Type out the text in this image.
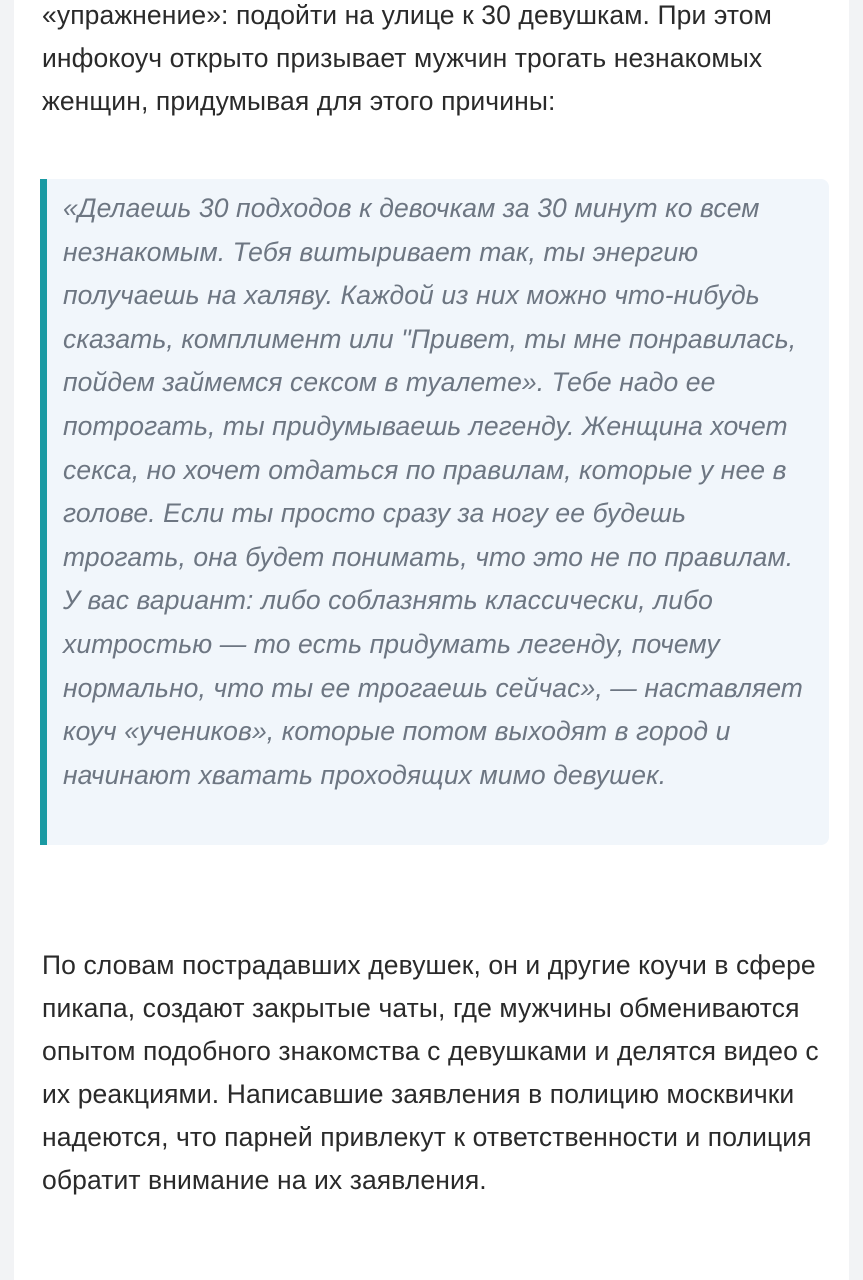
«упражнение»: подойти на улице к 30 девушкам. При этом инфокоуч открыто призывает мужчин трогать незнакомых женщин, придумывая для этого причины:

«Делаешь 30 подходов к девочкам за 30 минут ко всем незнакомым. Тебя вштыривает так, ты энергию получаешь на халяву. Каждой из них можно что-нибудь сказать, комплимент или "Привет, ты мне понравилась, пойдем займемся сексом в туалете». Тебе надо ее потрогать, ты придумываешь легенду. Женщина хочет секса, но хочет отдаться по правилам, которые у нее в голове. Если ты просто сразу за ногу ее будешь трогать, она будет понимать, что это не по правилам. У вас вариант: либо соблазнять классически, либо хитростью — то есть придумать легенду, почему нормально, что ты ее трогаешь сейчас», — наставляет коуч «учеников», которые потом выходят в город и начинают хватать проходящих мимо девушек.

По словам пострадавших девушек, он и другие коучи в сфере пикапа, создают закрытые чаты, где мужчины обмениваются опытом подобного знакомства с девушками и делятся видео с их реакциями. Написавшие заявления в полицию москвички надеются, что парней привлекут к ответственности и полиция обратит внимание на их заявления.
